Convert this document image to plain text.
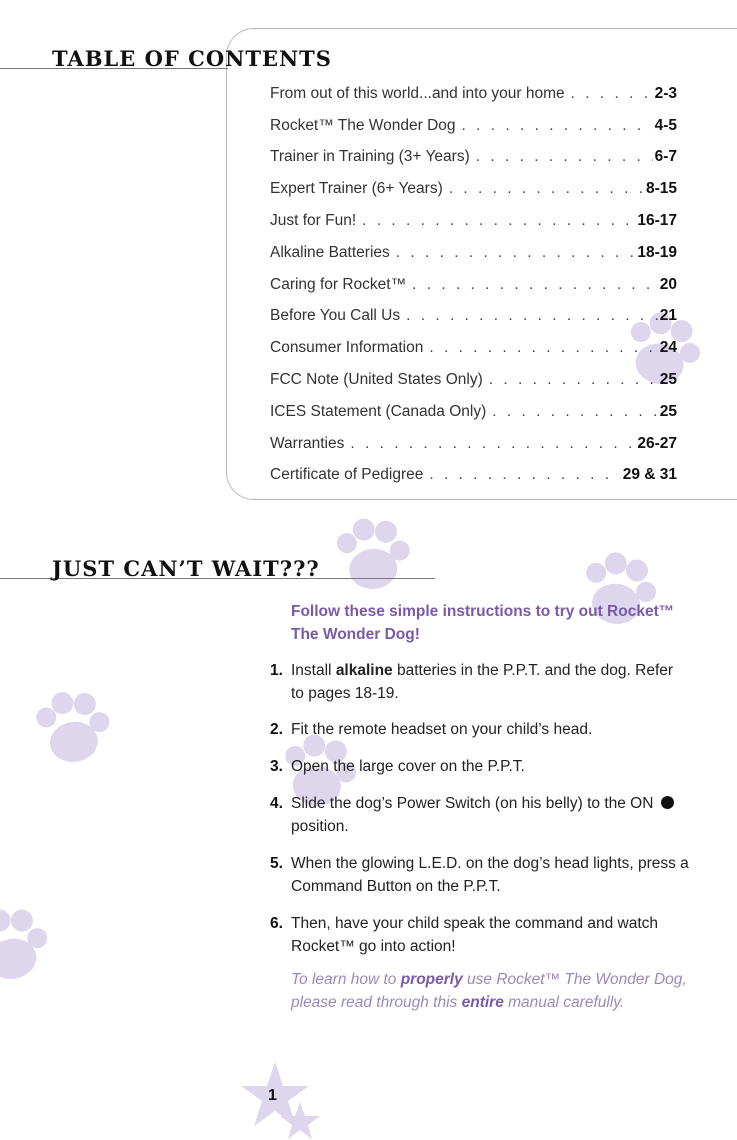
TABLE OF CONTENTS
From out of this world...and into your home . . .	2-3
Rocket™ The Wonder Dog . . .	4-5
Trainer in Training (3+ Years) . . .	6-7
Expert Trainer (6+ Years) . . .	8-15
Just for Fun! . . .	16-17
Alkaline Batteries . . .	18-19
Caring for Rocket™ . . .	20
Before You Call Us . . .	21
Consumer Information . . .	24
FCC Note (United States Only) . . .	25
ICES Statement (Canada Only) . . .	25
Warranties . . .	26-27
Certificate of Pedigree . . .	29 & 31
JUST CAN’T WAIT???

Follow these simple instructions to try out Rocket™ The Wonder Dog!

1. Install alkaline batteries in the P.P.T. and the dog. Refer to pages 18-19.
2. Fit the remote headset on your child’s head.
3. Open the large cover on the P.P.T.
4. Slide the dog’s Power Switch (on his belly) to the ON  position.
5. When the glowing L.E.D. on the dog’s head lights, press a Command Button on the P.P.T.
6. Then, have your child speak the command and watch Rocket™ go into action!

To learn how to properly use Rocket™ The Wonder Dog, please read through this entire manual carefully.

1
